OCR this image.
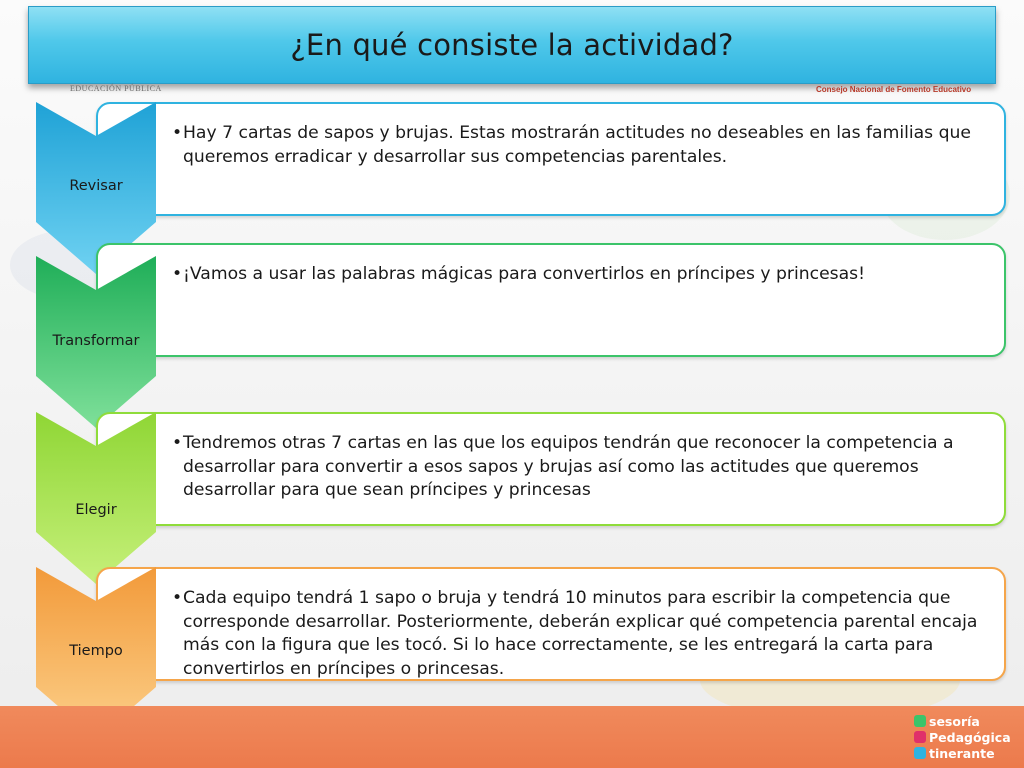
¿En qué consiste la actividad?
EDUCACIÓN PÚBLICA	Consejo Nacional de Fomento Educativo
•Hay 7 cartas de sapos y brujas. Estas mostrarán actitudes no deseables en las familias que queremos erradicar y desarrollar sus competencias parentales.
Revisar
•¡Vamos a usar las palabras mágicas para convertirlos en príncipes y princesas!
Transformar
•Tendremos otras 7 cartas en las que los equipos tendrán que reconocer la competencia a desarrollar para convertir a esos sapos y brujas así como las actitudes que queremos desarrollar para que sean príncipes y princesas
Elegir
•Cada equipo tendrá 1 sapo o bruja y tendrá 10 minutos para escribir la competencia que corresponde desarrollar. Posteriormente, deberán explicar qué competencia parental encaja más con la figura que les tocó. Si lo hace correctamente, se les entregará la carta para convertirlos en príncipes o princesas.
Tiempo
sesoría
Pedagógica
tinerante
